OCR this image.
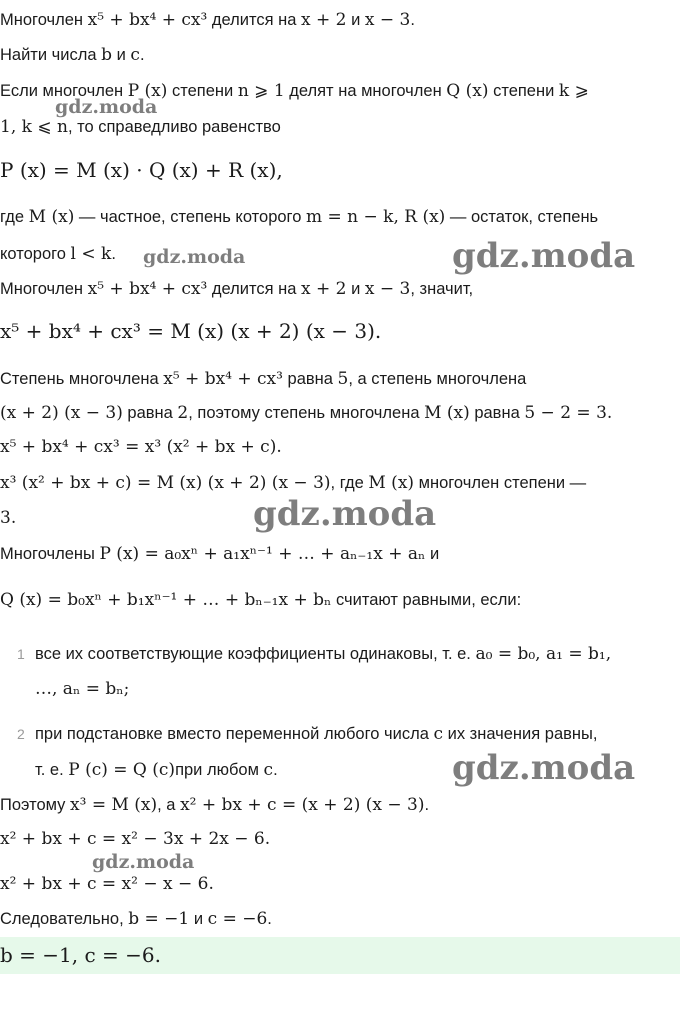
Многочлен x⁵ + bx⁴ + cx³ делится на x + 2 и x − 3.
Найти числа b и c.
Если многочлен P (x) степени n ⩾ 1 делят на многочлен Q (x) степени k ⩾
1, k ⩽ n, то справедливо равенство
P (x) = M (x) · Q (x) + R (x),
где M (x) — частное, степень которого m = n − k, R (x) — остаток, степень
которого l < k.
Многочлен x⁵ + bx⁴ + cx³ делится на x + 2 и x − 3, значит,
x⁵ + bx⁴ + cx³ = M (x) (x + 2) (x − 3).
Степень многочлена x⁵ + bx⁴ + cx³ равна 5, а степень многочлена
(x + 2) (x − 3) равна 2, поэтому степень многочлена M (x) равна 5 − 2 = 3.
x⁵ + bx⁴ + cx³ = x³ (x² + bx + c).
x³ (x² + bx + c) = M (x) (x + 2) (x − 3), где M (x) многочлен степени —
3.
Многочлены P (x) = a₀xⁿ + a₁xⁿ⁻¹ + … + aₙ₋₁x + aₙ и
Q (x) = b₀xⁿ + b₁xⁿ⁻¹ + … + bₙ₋₁x + bₙ считают равными, если:
1 все их соответствующие коэффициенты одинаковы, т. е. a₀ = b₀, a₁ = b₁,
…, aₙ = bₙ;
2 при подстановке вместо переменной любого числа c их значения равны,
т. е. P (c) = Q (c)при любом c.
Поэтому x³ = M (x), а x² + bx + c = (x + 2) (x − 3).
x² + bx + c = x² − 3x + 2x − 6.
x² + bx + c = x² − x − 6.
Следовательно, b = −1 и c = −6.
b = −1, c = −6.
gdz.moda
gdz.moda	gdz.moda
gdz.moda
gdz.moda
gdz.moda
